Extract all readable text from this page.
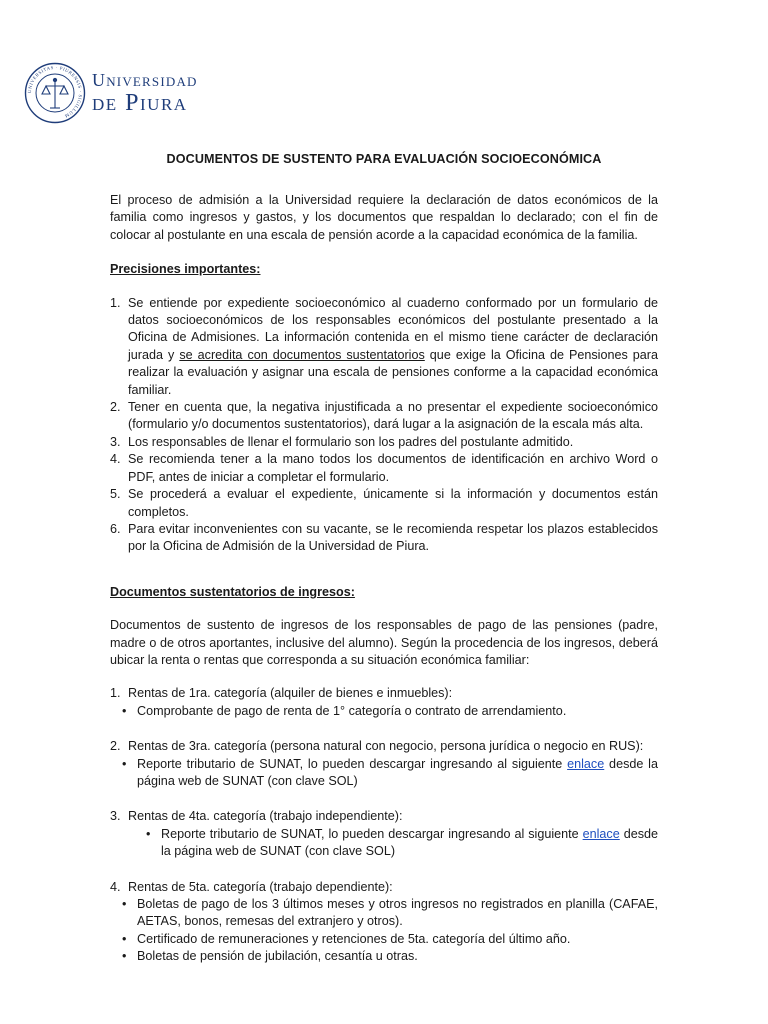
UNIVERSITAS · PIURENSIS · SIGILLUM
Universidad
de Piura
DOCUMENTOS DE SUSTENTO PARA EVALUACIÓN SOCIOECONÓMICA

El proceso de admisión a la Universidad requiere la declaración de datos económicos de la familia como ingresos y gastos, y los documentos que respaldan lo declarado; con el fin de colocar al postulante en una escala de pensión acorde a la capacidad económica de la familia.

Precisiones importantes:

1. Se entiende por expediente socioeconómico al cuaderno conformado por un formulario de datos socioeconómicos de los responsables económicos del postulante presentado a la Oficina de Admisiones. La información contenida en el mismo tiene carácter de declaración jurada y se acredita con documentos sustentatorios que exige la Oficina de Pensiones para realizar la evaluación y asignar una escala de pensiones conforme a la capacidad económica familiar.
2. Tener en cuenta que, la negativa injustificada a no presentar el expediente socioeconómico (formulario y/o documentos sustentatorios), dará lugar a la asignación de la escala más alta.
3. Los responsables de llenar el formulario son los padres del postulante admitido.
4. Se recomienda tener a la mano todos los documentos de identificación en archivo Word o PDF, antes de iniciar a completar el formulario.
5. Se procederá a evaluar el expediente, únicamente si la información y documentos están completos.
6. Para evitar inconvenientes con su vacante, se le recomienda respetar los plazos establecidos por la Oficina de Admisión de la Universidad de Piura.

Documentos sustentatorios de ingresos:

Documentos de sustento de ingresos de los responsables de pago de las pensiones (padre, madre o de otros aportantes, inclusive del alumno). Según la procedencia de los ingresos, deberá ubicar la renta o rentas que corresponda a su situación económica familiar:

1. Rentas de 1ra. categoría (alquiler de bienes e inmuebles):
• Comprobante de pago de renta de 1° categoría o contrato de arrendamiento.
2. Rentas de 3ra. categoría (persona natural con negocio, persona jurídica o negocio en RUS):
• Reporte tributario de SUNAT, lo pueden descargar ingresando al siguiente enlace desde la página web de SUNAT (con clave SOL)
3. Rentas de 4ta. categoría (trabajo independiente):
• Reporte tributario de SUNAT, lo pueden descargar ingresando al siguiente enlace desde la página web de SUNAT (con clave SOL)
4. Rentas de 5ta. categoría (trabajo dependiente):
• Boletas de pago de los 3 últimos meses y otros ingresos no registrados en planilla (CAFAE, AETAS, bonos, remesas del extranjero y otros).
• Certificado de remuneraciones y retenciones de 5ta. categoría del último año.
• Boletas de pensión de jubilación, cesantía u otras.
